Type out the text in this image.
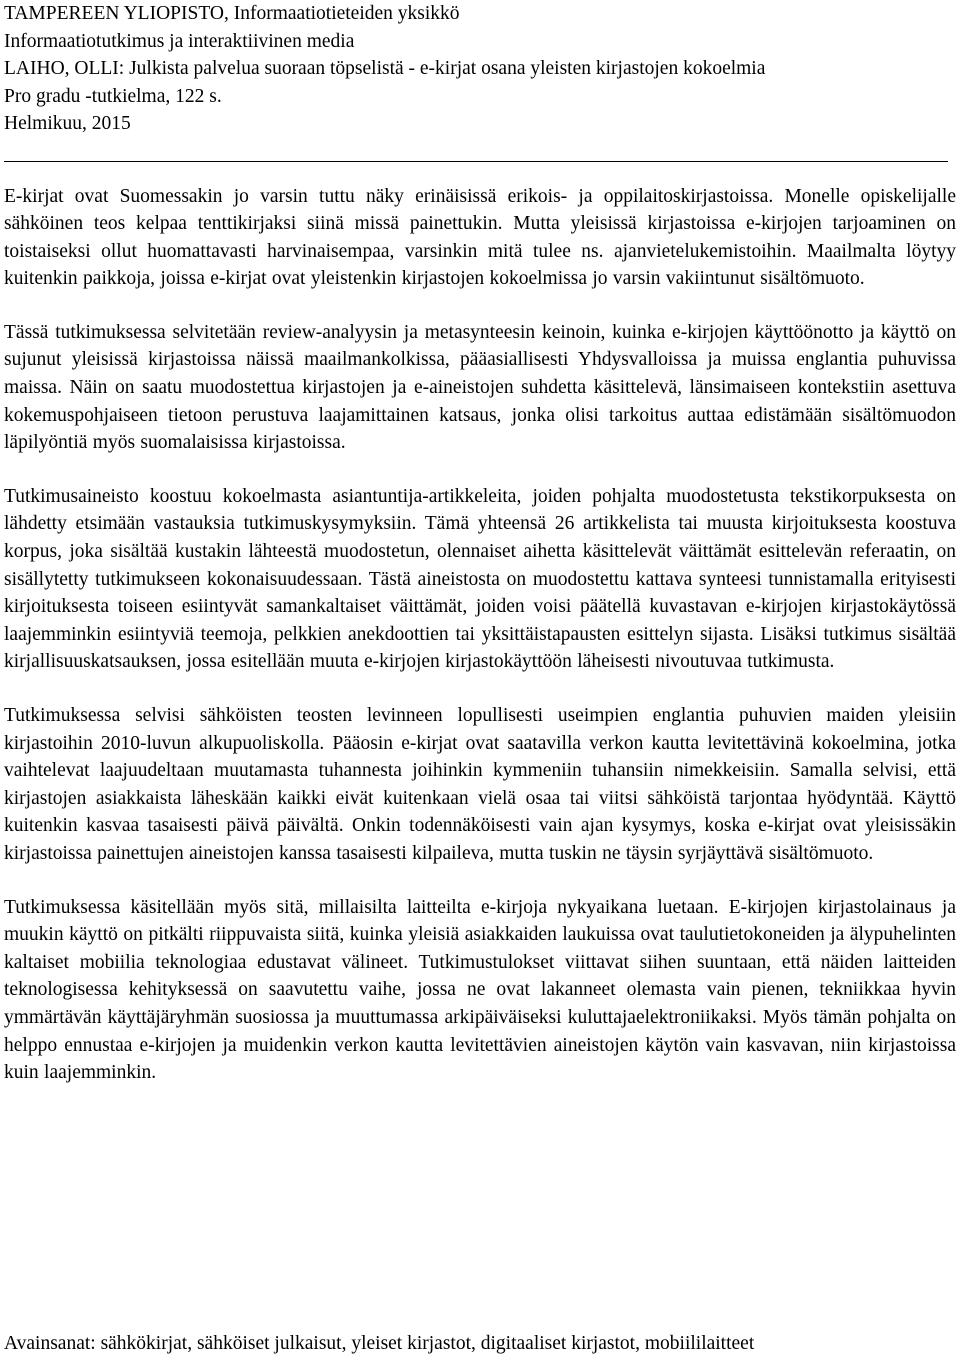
TAMPEREEN YLIOPISTO, Informaatiotieteiden yksikkö
Informaatiotutkimus ja interaktiivinen media
LAIHO, OLLI: Julkista palvelua suoraan töpselistä - e-kirjat osana yleisten kirjastojen kokoelmia
Pro gradu -tutkielma, 122 s.
Helmikuu, 2015

E-kirjat ovat Suomessakin jo varsin tuttu näky erinäisissä erikois- ja oppilaitoskirjastoissa. Monelle opiskelijalle sähköinen teos kelpaa tenttikirjaksi siinä missä painettukin. Mutta yleisissä kirjastoissa e-kirjojen tarjoaminen on toistaiseksi ollut huomattavasti harvinaisempaa, varsinkin mitä tulee ns. ajanvietelukemistoihin. Maailmalta löytyy kuitenkin paikkoja, joissa e-kirjat ovat yleistenkin kirjastojen kokoelmissa jo varsin vakiintunut sisältömuoto.

Tässä tutkimuksessa selvitetään review-analyysin ja metasynteesin keinoin, kuinka e-kirjojen käyttöönotto ja käyttö on sujunut yleisissä kirjastoissa näissä maailmankolkissa, pääasiallisesti Yhdysvalloissa ja muissa englantia puhuvissa maissa. Näin on saatu muodostettua kirjastojen ja e-aineistojen suhdetta käsittelevä, länsimaiseen kontekstiin asettuva kokemuspohjaiseen tietoon perustuva laajamittainen katsaus, jonka olisi tarkoitus auttaa edistämään sisältömuodon läpilyöntiä myös suomalaisissa kirjastoissa.

Tutkimusaineisto koostuu kokoelmasta asiantuntija-artikkeleita, joiden pohjalta muodostetusta tekstikorpuksesta on lähdetty etsimään vastauksia tutkimuskysymyksiin. Tämä yhteensä 26 artikkelista tai muusta kirjoituksesta koostuva korpus, joka sisältää kustakin lähteestä muodostetun, olennaiset aihetta käsittelevät väittämät esittelevän referaatin, on sisällytetty tutkimukseen kokonaisuudessaan. Tästä aineistosta on muodostettu kattava synteesi tunnistamalla erityisesti kirjoituksesta toiseen esiintyvät samankaltaiset väittämät, joiden voisi päätellä kuvastavan e-kirjojen kirjastokäytössä laajemminkin esiintyviä teemoja, pelkkien anekdoottien tai yksittäistapausten esittelyn sijasta. Lisäksi tutkimus sisältää kirjallisuuskatsauksen, jossa esitellään muuta e-kirjojen kirjastokäyttöön läheisesti nivoutuvaa tutkimusta.

Tutkimuksessa selvisi sähköisten teosten levinneen lopullisesti useimpien englantia puhuvien maiden yleisiin kirjastoihin 2010-luvun alkupuoliskolla. Pääosin e-kirjat ovat saatavilla verkon kautta levitettävinä kokoelmina, jotka vaihtelevat laajuudeltaan muutamasta tuhannesta joihinkin kymmeniin tuhansiin nimekkeisiin. Samalla selvisi, että kirjastojen asiakkaista läheskään kaikki eivät kuitenkaan vielä osaa tai viitsi sähköistä tarjontaa hyödyntää. Käyttö kuitenkin kasvaa tasaisesti päivä päivältä. Onkin todennäköisesti vain ajan kysymys, koska e-kirjat ovat yleisissäkin kirjastoissa painettujen aineistojen kanssa tasaisesti kilpaileva, mutta tuskin ne täysin syrjäyttävä sisältömuoto.

Tutkimuksessa käsitellään myös sitä, millaisilta laitteilta e-kirjoja nykyaikana luetaan. E-kirjojen kirjastolainaus ja muukin käyttö on pitkälti riippuvaista siitä, kuinka yleisiä asiakkaiden laukuissa ovat taulutietokoneiden ja älypuhelinten kaltaiset mobiilia teknologiaa edustavat välineet. Tutkimustulokset viittavat siihen suuntaan, että näiden laitteiden teknologisessa kehityksessä on saavutettu vaihe, jossa ne ovat lakanneet olemasta vain pienen, tekniikkaa hyvin ymmärtävän käyttäjäryhmän suosiossa ja muuttumassa arkipäiväiseksi kuluttajaelektroniikaksi. Myös tämän pohjalta on helppo ennustaa e-kirjojen ja muidenkin verkon kautta levitettävien aineistojen käytön vain kasvavan, niin kirjastoissa kuin laajemminkin.

Avainsanat: sähkökirjat, sähköiset julkaisut, yleiset kirjastot, digitaaliset kirjastot, mobiililaitteet
